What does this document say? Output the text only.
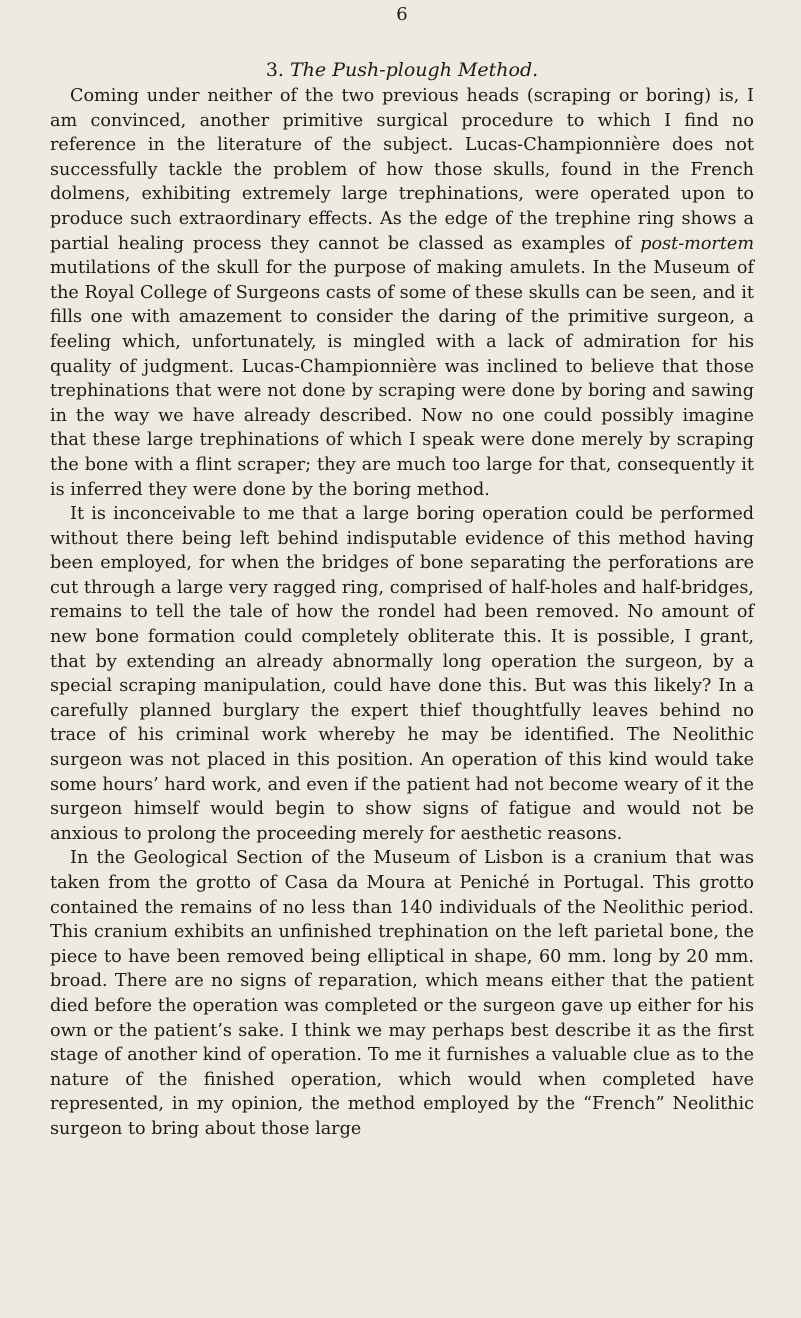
6
3. The Push-plough Method.

Coming under neither of the two previous heads (scraping or boring) is, I am convinced, another primitive surgical procedure to which I find no reference in the literature of the subject. Lucas-Championnière does not successfully tackle the problem of how those skulls, found in the French dolmens, exhibiting extremely large trephinations, were operated upon to produce such extraordinary effects. As the edge of the trephine ring shows a partial healing process they cannot be classed as examples of post-mortem mutilations of the skull for the purpose of making amulets. In the Museum of the Royal College of Surgeons casts of some of these skulls can be seen, and it fills one with amazement to consider the daring of the primitive surgeon, a feeling which, unfortunately, is mingled with a lack of admiration for his quality of judgment. Lucas-Championnière was inclined to believe that those trephinations that were not done by scraping were done by boring and sawing in the way we have already described. Now no one could possibly imagine that these large trephinations of which I speak were done merely by scraping the bone with a flint scraper; they are much too large for that, consequently it is inferred they were done by the boring method.

It is inconceivable to me that a large boring operation could be performed without there being left behind indisputable evidence of this method having been employed, for when the bridges of bone separating the perforations are cut through a large very ragged ring, comprised of half-holes and half-bridges, remains to tell the tale of how the rondel had been removed. No amount of new bone formation could completely obliterate this. It is possible, I grant, that by extending an already abnormally long operation the surgeon, by a special scraping manipulation, could have done this. But was this likely? In a carefully planned burglary the expert thief thoughtfully leaves behind no trace of his criminal work whereby he may be identified. The Neolithic surgeon was not placed in this position. An operation of this kind would take some hours’ hard work, and even if the patient had not become weary of it the surgeon himself would begin to show signs of fatigue and would not be anxious to prolong the proceeding merely for aesthetic reasons.

In the Geological Section of the Museum of Lisbon is a cranium that was taken from the grotto of Casa da Moura at Peniché in Portugal. This grotto contained the remains of no less than 140 individuals of the Neolithic period. This cranium exhibits an unfinished trephination on the left parietal bone, the piece to have been removed being elliptical in shape, 60 mm. long by 20 mm. broad. There are no signs of reparation, which means either that the patient died before the operation was completed or the surgeon gave up either for his own or the patient’s sake. I think we may perhaps best describe it as the first stage of another kind of operation. To me it furnishes a valuable clue as to the nature of the finished operation, which would when completed have represented, in my opinion, the method employed by the “French” Neolithic surgeon to bring about those large
